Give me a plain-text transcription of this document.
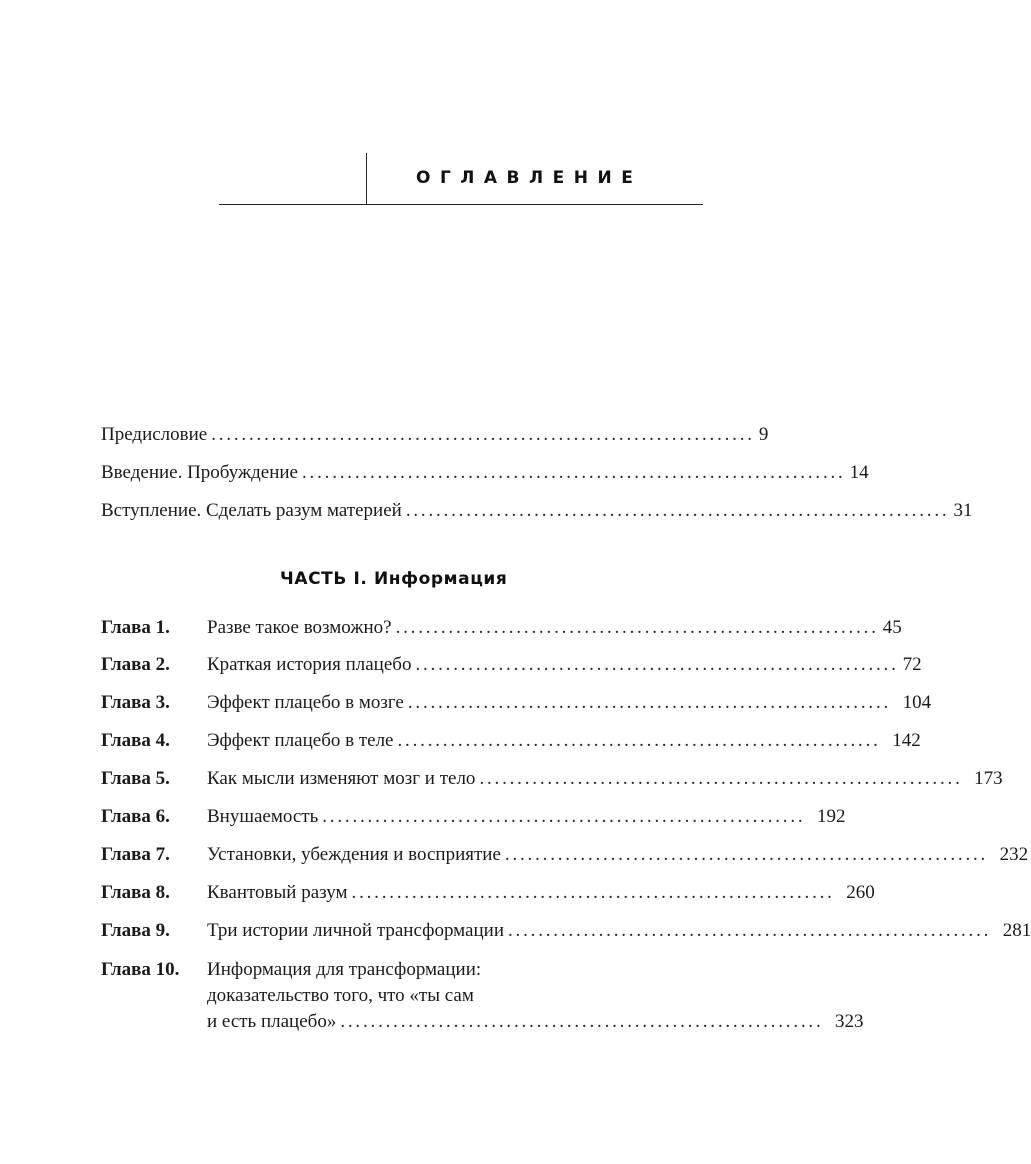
ОГЛАВЛЕНИЕ
Предисловие ........................................................................ 9
Введение. Пробуждение ........................................................................ 14
Вступление. Сделать разум материей ........................................................................ 31
ЧАСТЬ I. Информация
Глава 1. Разве такое возможно? ................................................................ 45
Глава 2. Краткая история плацебо ................................................................ 72
Глава 3. Эффект плацебо в мозге ................................................................ 104
Глава 4. Эффект плацебо в теле ................................................................ 142
Глава 5. Как мысли изменяют мозг и тело ................................................................ 173
Глава 6. Внушаемость ................................................................ 192
Глава 7. Установки, убеждения и восприятие ................................................................ 232
Глава 8. Квантовый разум ................................................................ 260
Глава 9. Три истории личной трансформации ................................................................ 281
Глава 10. Информация для трансформации:
доказательство того, что «ты сам
и есть плацебо» ................................................................ 323
